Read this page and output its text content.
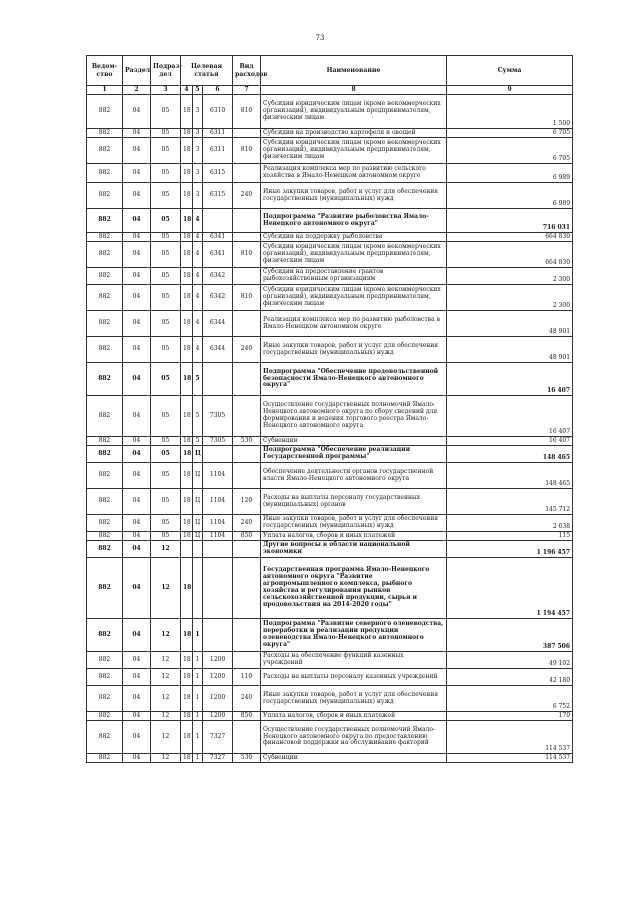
73
Ведом-ство	Раздел	Подраз-дел	Целевая статья			Вид расходов	Наименование	Сумма
1	2	3	4	5	6	7	8	9
882	04	05	18	3	6310	810	Субсидии юридическим лицам (кроме некоммерческих организаций), индивидуальным предпринимателям, физическим лицам	1 500
882	04	05	18	3	6311		Субсидии на производство картофеля и овощей	6 705
882	04	05	18	3	6311	810	Субсидии юридическим лицам (кроме некоммерческих организаций), индивидуальным предпринимателям, физическим лицам	6 705
882	04	05	18	3	6315		Реализация комплекса мер по развитию сельского хозяйства в Ямало-Ненецком автономном округе	6 989
882	04	05	18	3	6315	240	Иные закупки товаров, работ и услуг для обеспечения государственных (муниципальных) нужд	6 989
882	04	05	18	4			Подпрограмма "Развитие рыболовства Ямало-Ненецкого автономного округа"	716 031
882	04	05	18	4	6341		Субсидии на поддержку рыболовства	664 830
882	04	05	18	4	6341	810	Субсидии юридическим лицам (кроме некоммерческих организаций), индивидуальным предпринимателям, физическим лицам	664 830
882	04	05	18	4	6342		Субсидии на предоставление грантов рыбохозяйственным организациям	2 300
882	04	05	18	4	6342	810	Субсидии юридическим лицам (кроме некоммерческих организаций), индивидуальным предпринимателям, физическим лицам	2 300
882	04	05	18	4	6344		Реализация комплекса мер по развитию рыболовства в Ямало-Ненецком автономном округе	48 901
882	04	05	18	4	6344	240	Иные закупки товаров, работ и услуг для обеспечения государственных (муниципальных) нужд	48 901
882	04	05	18	5			Подпрограмма "Обеспечение продовольственной безопасности Ямало-Ненецкого автономного округа"	16 407
882	04	05	18	5	7305		Осуществление государственных полномочий Ямало-Ненецкого автономного округа по сбору сведений для формирования и ведения торгового реестра Ямало-Ненецкого автономного округа	16 407
882	04	05	18	5	7305	530	Субвенции	16 407
882	04	05	18	Ц			Подпрограмма "Обеспечение реализации Государственной программы"	148 465
882	04	05	18	Ц	1104		Обеспечение деятельности органов государственной власти Ямало-Ненецкого автономного округа	148 465
882	04	05	18	Ц	1104	120	Расходы на выплаты персоналу государственных (муниципальных) органов	145 712
882	04	05	18	Ц	1104	240	Иные закупки товаров, работ и услуг для обеспечения государственных (муниципальных) нужд	2 638
882	04	05	18	Ц	1104	850	Уплата налогов, сборов и иных платежей	115
882	04	12					Другие вопросы в области национальной экономики	1 196 457
882	04	12	18				Государственная программа Ямало-Ненецкого автономного округа "Развитие агропромышленного комплекса, рыбного хозяйства и регулирования рынков сельскохозяйственной продукции, сырья и продовольствия на 2014-2020 годы"	1 194 457
882	04	12	18	1			Подпрограмма "Развитие северного оленеводства, переработки и реализации продукции оленеводства Ямало-Ненецкого автономного округа"	387 506
882	04	12	18	1	1200		Расходы на обеспечение функций казенных учреждений	49 102
882	04	12	18	1	1200	110	Расходы на выплаты персоналу казенных учреждений	42 180
882	04	12	18	1	1200	240	Иные закупки товаров, работ и услуг для обеспечения государственных (муниципальных) нужд	6 752
882	04	12	18	1	1200	850	Уплата налогов, сборов и иных платежей	170
882	04	12	18	1	7327		Осуществление государственных полномочий Ямало-Ненецкого автономного округа по предоставлению финансовой поддержки на обслуживание факторий	114 537
882	04	12	18	1	7327	530	Субвенции	114 537
